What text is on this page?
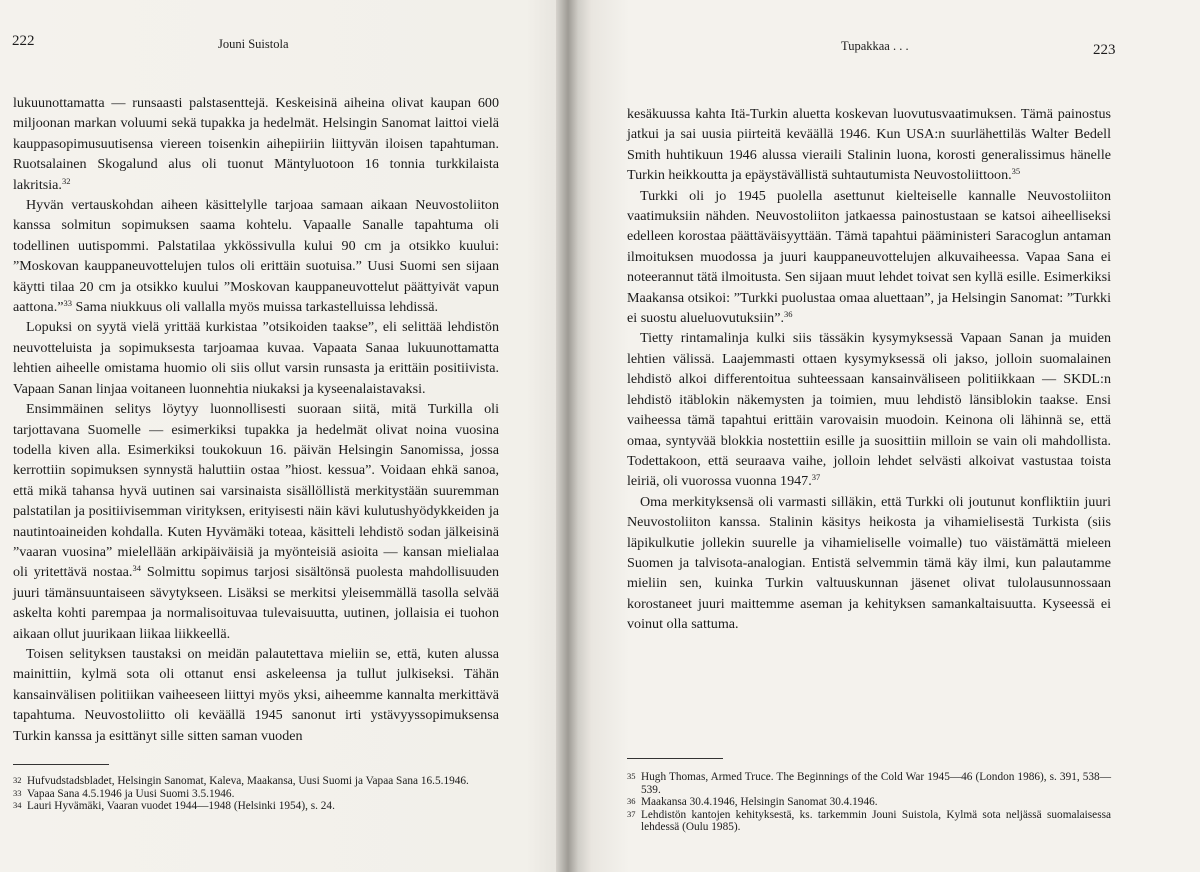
222	Jouni Suistola

lukuunottamatta — runsaasti palstasenttejä. Keskeisinä aiheina olivat kaupan 600 miljoonan markan voluumi sekä tupakka ja hedelmät. Helsingin Sanomat laittoi vielä kauppasopimusuutisensa viereen toisenkin aihepiiriin liittyvän iloisen tapahtuman. Ruotsalainen Skogalund alus oli tuonut Mäntyluotoon 16 tonnia turkkilaista lakritsia.$^{32}$

Hyvän vertauskohdan aiheen käsittelylle tarjoaa samaan aikaan Neuvostoliiton kanssa solmitun sopimuksen saama kohtelu. Vapaalle Sanalle tapahtuma oli todellinen uutispommi. Palstatilaa ykkössivulla kului 90 cm ja otsikko kuului: ”Moskovan kauppaneuvottelujen tulos oli erittäin suotuisa.” Uusi Suomi sen sijaan käytti tilaa 20 cm ja otsikko kuului ”Moskovan kauppaneuvottelut päättyivät vapun aattona.”$^{33}$ Sama niukkuus oli vallalla myös muissa tarkastelluissa lehdissä.

Lopuksi on syytä vielä yrittää kurkistaa ”otsikoiden taakse”, eli selittää lehdistön neuvotteluista ja sopimuksesta tarjoamaa kuvaa. Vapaata Sanaa lukuunottamatta lehtien aiheelle omistama huomio oli siis ollut varsin runsasta ja erittäin positiivista. Vapaan Sanan linjaa voitaneen luonnehtia niukaksi ja kyseenalaistavaksi.

Ensimmäinen selitys löytyy luonnollisesti suoraan siitä, mitä Turkilla oli tarjottavana Suomelle — esimerkiksi tupakka ja hedelmät olivat noina vuosina todella kiven alla. Esimerkiksi toukokuun 16. päivän Helsingin Sanomissa, jossa kerrottiin sopimuksen synnystä haluttiin ostaa ”hiost. kessua”. Voidaan ehkä sanoa, että mikä tahansa hyvä uutinen sai varsinaista sisällöllistä merkitystään suuremman palstatilan ja positiivisemman virityksen, erityisesti näin kävi kulutushyödykkeiden ja nautintoaineiden kohdalla. Kuten Hyvämäki toteaa, käsitteli lehdistö sodan jälkeisinä ”vaaran vuosina” mielellään arkipäiväisiä ja myönteisiä asioita — kansan mielialaa oli yritettävä nostaa.$^{34}$ Solmittu sopimus tarjosi sisältönsä puolesta mahdollisuuden juuri tämänsuuntaiseen sävytykseen. Lisäksi se merkitsi yleisemmällä tasolla selvää askelta kohti parempaa ja normalisoituvaa tulevaisuutta, uutinen, jollaisia ei tuohon aikaan ollut juurikaan liikaa liikkeellä.

Toisen selityksen taustaksi on meidän palautettava mieliin se, että, kuten alussa mainittiin, kylmä sota oli ottanut ensi askeleensa ja tullut julkiseksi. Tähän kansainvälisen politiikan vaiheeseen liittyi myös yksi, aiheemme kannalta merkittävä tapahtuma. Neuvostoliitto oli keväällä 1945 sanonut irti ystävyyssopimuksensa Turkin kanssa ja esittänyt sille sitten saman vuoden

32 Hufvudstadsbladet, Helsingin Sanomat, Kaleva, Maakansa, Uusi Suomi ja Vapaa Sana 16.5.1946.
33 Vapaa Sana 4.5.1946 ja Uusi Suomi 3.5.1946.
34 Lauri Hyvämäki, Vaaran vuodet 1944—1948 (Helsinki 1954), s. 24.
Tupakkaa . . .	223

kesäkuussa kahta Itä-Turkin aluetta koskevan luovutusvaatimuksen. Tämä painostus jatkui ja sai uusia piirteitä keväällä 1946. Kun USA:n suurlähettiläs Walter Bedell Smith huhtikuun 1946 alussa vieraili Stalinin luona, korosti generalissimus hänelle Turkin heikkoutta ja epäystävällistä suhtautumista Neuvostoliittoon.$^{35}$

Turkki oli jo 1945 puolella asettunut kielteiselle kannalle Neuvostoliiton vaatimuksiin nähden. Neuvostoliiton jatkaessa painostustaan se katsoi aiheelliseksi edelleen korostaa päättäväisyyttään. Tämä tapahtui pääministeri Saracoglun antaman ilmoituksen muodossa ja juuri kauppaneuvottelujen alkuvaiheessa. Vapaa Sana ei noteerannut tätä ilmoitusta. Sen sijaan muut lehdet toivat sen kyllä esille. Esimerkiksi Maakansa otsikoi: ”Turkki puolustaa omaa aluettaan”, ja Helsingin Sanomat: ”Turkki ei suostu alueluovutuksiin”.$^{36}$

Tietty rintamalinja kulki siis tässäkin kysymyksessä Vapaan Sanan ja muiden lehtien välissä. Laajemmasti ottaen kysymyksessä oli jakso, jolloin suomalainen lehdistö alkoi differentoitua suhteessaan kansainväliseen politiikkaan — SKDL:n lehdistö itäblokin näkemysten ja toimien, muu lehdistö länsiblokin taakse. Ensi vaiheessa tämä tapahtui erittäin varovaisin muodoin. Keinona oli lähinnä se, että omaa, syntyvää blokkia nostettiin esille ja suosittiin milloin se vain oli mahdollista. Todettakoon, että seuraava vaihe, jolloin lehdet selvästi alkoivat vastustaa toista leiriä, oli vuorossa vuonna 1947.37

Oma merkityksensä oli varmasti silläkin, että Turkki oli joutunut konfliktiin juuri Neuvostoliiton kanssa. Stalinin käsitys heikosta ja vihamielisestä Turkista (siis läpikulkutie jollekin suurelle ja vihamieliselle voimalle) tuo väistämättä mieleen Suomen ja talvisota-analogian. Entistä selvemmin tämä käy ilmi, kun palautamme mieliin sen, kuinka Turkin valtuuskunnan jäsenet olivat tulolausunnossaan korostaneet juuri maittemme aseman ja kehityksen samankaltaisuutta. Kyseessä ei voinut olla sattuma.

35 Hugh Thomas, Armed Truce. The Beginnings of the Cold War 1945—46 (London 1986), s. 391, 538—539.
36 Maakansa 30.4.1946, Helsingin Sanomat 30.4.1946.
37 Lehdistön kantojen kehityksestä, ks. tarkemmin Jouni Suistola, Kylmä sota neljässä suomalaisessa lehdessä (Oulu 1985).
